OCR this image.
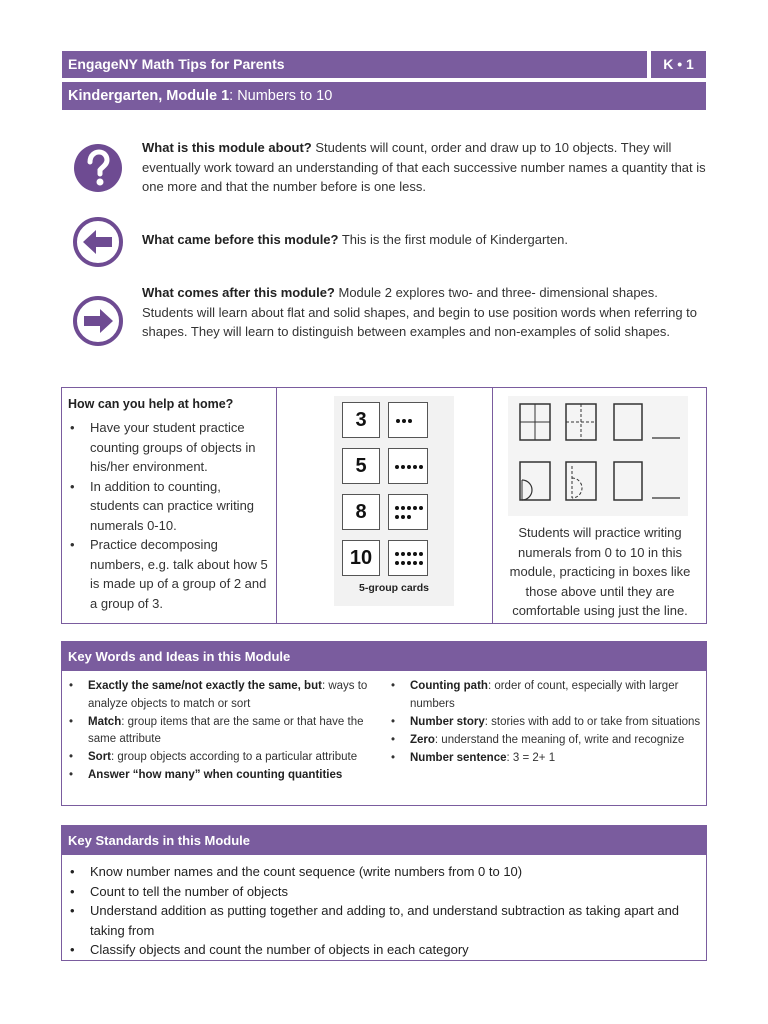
EngageNY Math Tips for Parents	K • 1
Kindergarten, Module 1: Numbers to 10
What is this module about? Students will count, order and draw up to 10 objects. They will eventually work toward an understanding of that each successive number names a quantity that is one more and that the number before is one less.
What came before this module? This is the first module of Kindergarten.
What comes after this module? Module 2 explores two- and three- dimensional shapes. Students will learn about flat and solid shapes, and begin to use position words when referring to shapes. They will learn to distinguish between examples and non-examples of solid shapes.
How can you help at home?
• Have your student practice counting groups of objects in his/her environment.
• In addition to counting, students can practice writing numerals 0-10.
• Practice decomposing numbers, e.g. talk about how 5 is made up of a group of 2 and a group of 3.
3
5
8
10
5-group cards
Students will practice writing numerals from 0 to 10 in this module, practicing in boxes like those above until they are comfortable using just the line.
Key Words and Ideas in this Module
• Exactly the same/not exactly the same, but: ways to analyze objects to match or sort
• Match: group items that are the same or that have the same attribute
• Sort: group objects according to a particular attribute
• Answer “how many” when counting quantities
• Counting path: order of count, especially with larger numbers
• Number story: stories with add to or take from situations
• Zero: understand the meaning of, write and recognize
• Number sentence: 3 = 2+ 1
Key Standards in this Module
• Know number names and the count sequence (write numbers from 0 to 10)
• Count to tell the number of objects
• Understand addition as putting together and adding to, and understand subtraction as taking apart and taking from
• Classify objects and count the number of objects in each category
